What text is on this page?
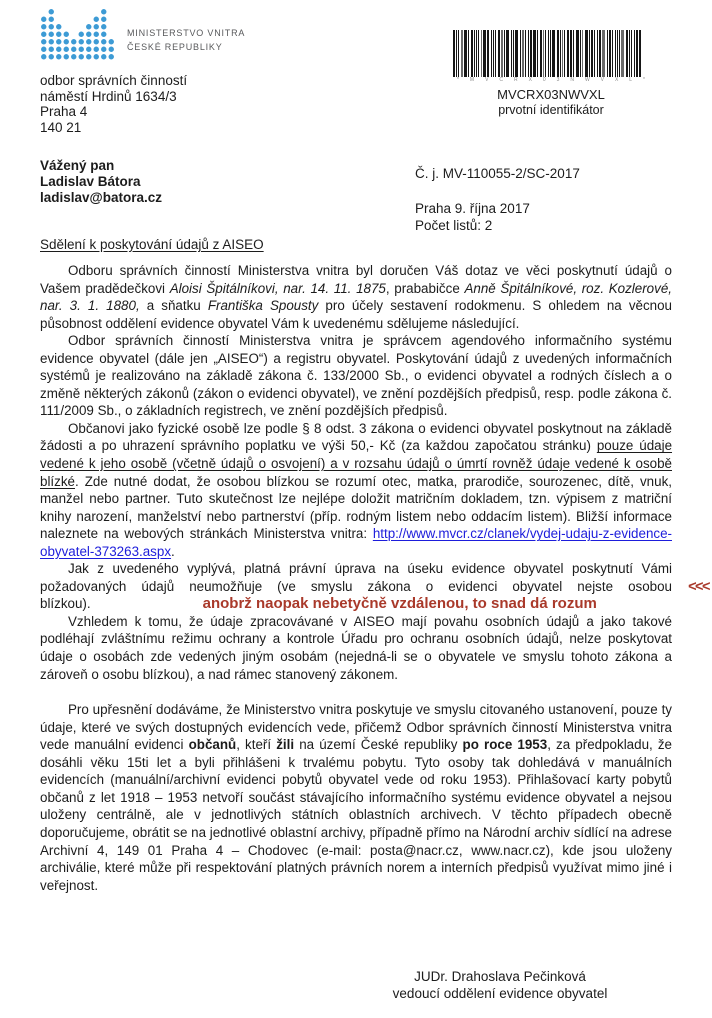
MINISTERSTVO VNITRA
ČESKÉ REPUBLIKY
odbor správních činností
náměstí Hrdinů 1634/3
Praha 4
140 21
* M V C R X 0 3 N W V X L *
MVCRX03NWVXL
prvotní identifikátor
Vážený pan
Ladislav Bátora
ladislav@batora.cz
Č. j. MV-110055-2/SC-2017
Praha 9. října 2017
Počet listů: 2
Sdělení k poskytování údajů z AISEO

Odboru správních činností Ministerstva vnitra byl doručen Váš dotaz ve věci poskytnutí údajů o Vašem pradědečkovi Aloisi Špitálníkovi, nar. 14. 11. 1875, prababičce Anně Špitálníkové, roz. Kozlerové, nar. 3. 1. 1880, a sňatku Františka Spousty pro účely sestavení rodokmenu. S ohledem na věcnou působnost oddělení evidence obyvatel Vám k uvedenému sdělujeme následující.

Odbor správních činností Ministerstva vnitra je správcem agendového informačního systému evidence obyvatel (dále jen „AISEO“) a registru obyvatel. Poskytování údajů z uvedených informačních systémů je realizováno na základě zákona č. 133/2000 Sb., o evidenci obyvatel a rodných číslech a o změně některých zákonů (zákon o evidenci obyvatel), ve znění pozdějších předpisů, resp. podle zákona č. 111/2009 Sb., o základních registrech, ve znění pozdějších předpisů.

Občanovi jako fyzické osobě lze podle § 8 odst. 3 zákona o evidenci obyvatel poskytnout na základě žádosti a po uhrazení správního poplatku ve výši 50,- Kč (za každou započatou stránku) pouze údaje vedené k jeho osobě (včetně údajů o osvojení) a v rozsahu údajů o úmrtí rovněž údaje vedené k osobě blízké. Zde nutné dodat, že osobou blízkou se rozumí otec, matka, prarodiče, sourozenec, dítě, vnuk, manžel nebo partner. Tuto skutečnost lze nejlépe doložit matričním dokladem, tzn. výpisem z matriční knihy narození, manželství nebo partnerství (příp. rodným listem nebo oddacím listem). Bližší informace naleznete na webových stránkách Ministerstva vnitra: http://www.mvcr.cz/clanek/vydej-udaju-z-evidence-obyvatel-373263.aspx.

Jak z uvedeného vyplývá, platná právní úprava na úseku evidence obyvatel poskytnutí Vámi požadovaných údajů neumožňuje (ve smyslu zákona o evidenci obyvatel nejste osobou blízkou).	anobrž naopak nebetyčně vzdálenou, to snad dá rozum
<<<

Vzhledem k tomu, že údaje zpracovávané v AISEO mají povahu osobních údajů a jako takové podléhají zvláštnímu režimu ochrany a kontrole Úřadu pro ochranu osobních údajů, nelze poskytovat údaje o osobách zde vedených jiným osobám (nejedná-li se o obyvatele ve smyslu tohoto zákona a zároveň o osobu blízkou), a nad rámec stanovený zákonem.

Pro upřesnění dodáváme, že Ministerstvo vnitra poskytuje ve smyslu citovaného ustanovení, pouze ty údaje, které ve svých dostupných evidencích vede, přičemž Odbor správních činností Ministerstva vnitra vede manuální evidenci občanů, kteří žili na území České republiky po roce 1953, za předpokladu, že dosáhli věku 15ti let a byli přihlášeni k trvalému pobytu. Tyto osoby tak dohledává v manuálních evidencích (manuální/archivní evidenci pobytů obyvatel vede od roku 1953). Přihlašovací karty pobytů občanů z let 1918 – 1953 netvoří součást stávajícího informačního systému evidence obyvatel a nejsou uloženy centrálně, ale v jednotlivých státních oblastních archivech. V těchto případech obecně doporučujeme, obrátit se na jednotlivé oblastní archivy, případně přímo na Národní archiv sídlící na adrese Archivní 4, 149 01 Praha 4 – Chodovec (e-mail: posta@nacr.cz, www.nacr.cz), kde jsou uloženy archiválie, které může při respektování platných právních norem a interních předpisů využívat mimo jiné i veřejnost.

JUDr. Drahoslava Pečinková
vedoucí oddělení evidence obyvatel
